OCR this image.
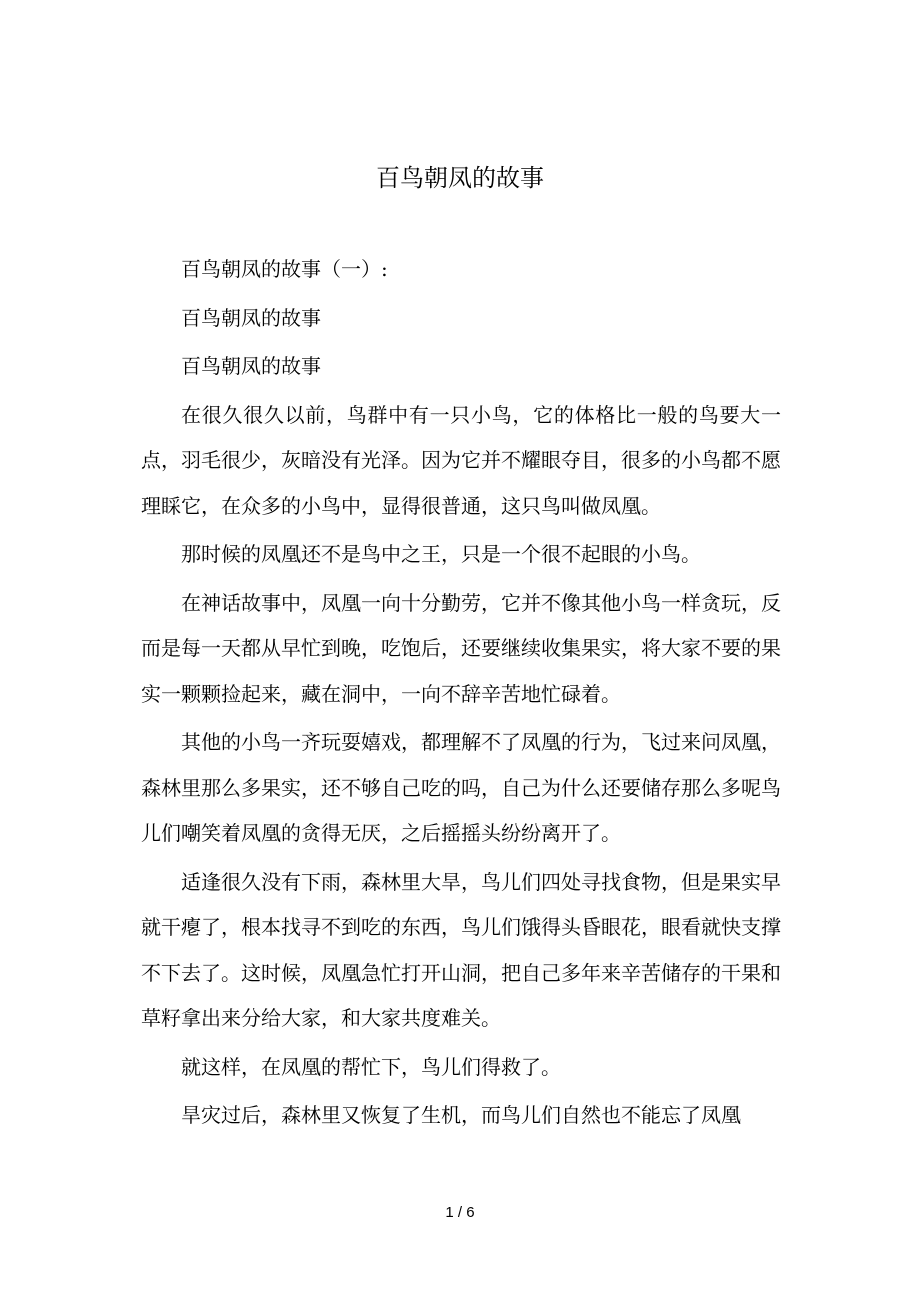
百鸟朝凤的故事

百鸟朝凤的故事（一）:

百鸟朝凤的故事

百鸟朝凤的故事

在很久很久以前，鸟群中有一只小鸟，它的体格比一般的鸟要大一点，羽毛很少，灰暗没有光泽。因为它并不耀眼夺目，很多的小鸟都不愿理睬它，在众多的小鸟中，显得很普通，这只鸟叫做凤凰。

那时候的凤凰还不是鸟中之王，只是一个很不起眼的小鸟。

在神话故事中，凤凰一向十分勤劳，它并不像其他小鸟一样贪玩，反而是每一天都从早忙到晚，吃饱后，还要继续收集果实，将大家不要的果实一颗颗捡起来，藏在洞中，一向不辞辛苦地忙碌着。

其他的小鸟一齐玩耍嬉戏，都理解不了凤凰的行为，飞过来问凤凰，森林里那么多果实，还不够自己吃的吗，自己为什么还要储存那么多呢鸟儿们嘲笑着凤凰的贪得无厌，之后摇摇头纷纷离开了。

适逢很久没有下雨，森林里大旱，鸟儿们四处寻找食物，但是果实早就干瘪了，根本找寻不到吃的东西，鸟儿们饿得头昏眼花，眼看就快支撑不下去了。这时候，凤凰急忙打开山洞，把自己多年来辛苦储存的干果和草籽拿出来分给大家，和大家共度难关。

就这样，在凤凰的帮忙下，鸟儿们得救了。

旱灾过后，森林里又恢复了生机，而鸟儿们自然也不能忘了凤凰

1 / 6
